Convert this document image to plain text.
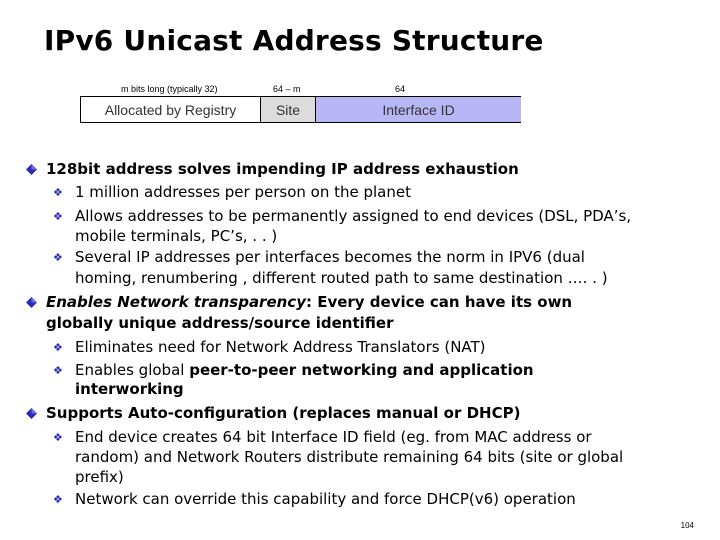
IPv6 Unicast Address Structure
m bits long (typically 32)	64 – m	64
Allocated by Registry	Site	Interface ID
128bit address solves impending IP address exhaustion
❖ 1 million addresses per person on the planet
❖ Allows addresses to be permanently assigned to end devices (DSL, PDA’s,
mobile terminals, PC’s, . . )
❖ Several IP addresses per interfaces becomes the norm in IPV6 (dual
homing, renumbering , different routed path to same destination …. . )
Enables Network transparency: Every device can have its own
globally unique address/source identifier
❖ Eliminates need for Network Address Translators (NAT)
❖ Enables global peer-to-peer networking and application
interworking
Supports Auto-configuration (replaces manual or DHCP)
❖ End device creates 64 bit Interface ID field (eg. from MAC address or
random) and Network Routers distribute remaining 64 bits (site or global
prefix)
❖ Network can override this capability and force DHCP(v6) operation
104
